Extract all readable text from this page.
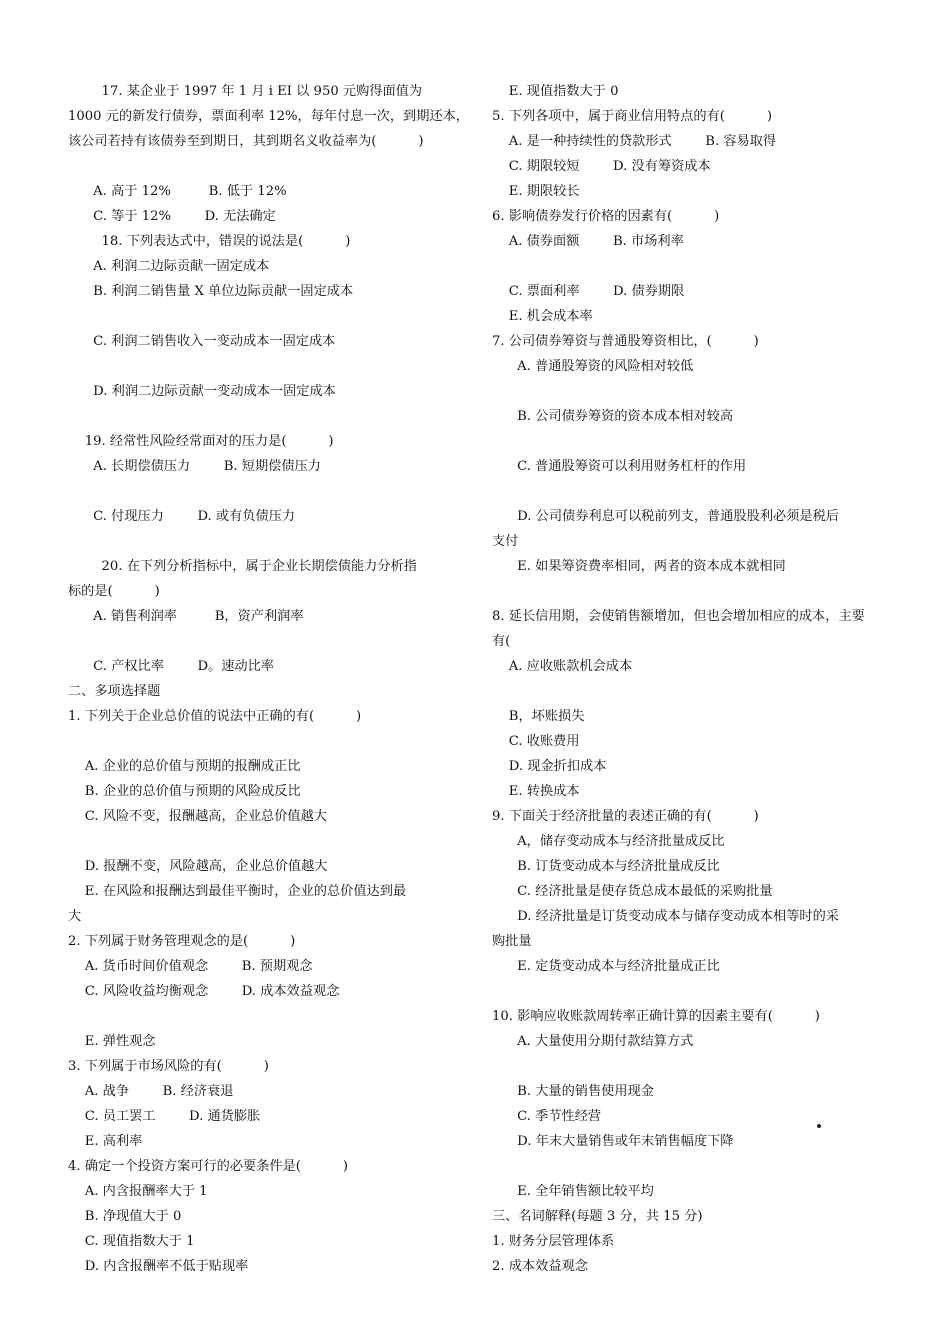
17. 某企业于 1997 年 1 月 i EI 以 950 元购得面值为
1000 元的新发行债券，票面利率 12%，每年付息一次，到期还本，
该公司若持有该债券至到期日，其到期名义收益率为(          )
A. 高于 12%         B. 低于 12%
C. 等于 12%        D. 无法确定
18. 下列表达式中，错误的说法是(          )
A. 利润二边际贡献一固定成本
B. 利润二销售量 X 单位边际贡献一固定成本
C. 利润二销售收入一变动成本一固定成本
D. 利润二边际贡献一变动成本一固定成本
19. 经常性风险经常面对的压力是(          )
A. 长期偿债压力        B. 短期偿债压力
C. 付现压力        D. 或有负债压力
20. 在下列分析指标中，属于企业长期偿债能力分析指
标的是(          )
A. 销售利润率         B，资产利润率
C. 产权比率        D。速动比率
二、多项选择题
1. 下列关于企业总价值的说法中正确的有(          )
A. 企业的总价值与预期的报酬成正比
B. 企业的总价值与预期的风险成反比
C. 风险不变，报酬越高，企业总价值越大
D. 报酬不变，风险越高，企业总价值越大
E. 在风险和报酬达到最佳平衡时，企业的总价值达到最
大
2. 下列属于财务管理观念的是(          )
A. 货币时间价值观念        B. 预期观念
C. 风险收益均衡观念        D. 成本效益观念
E. 弹性观念
3. 下列属于市场风险的有(          )
A. 战争        B. 经济衰退
C. 员工罢工        D. 通货膨胀
E. 高利率
4. 确定一个投资方案可行的必要条件是(          )
A. 内含报酬率大于 1
B. 净现值大于 0
C. 现值指数大于 1
D. 内含报酬率不低于贴现率
E. 现值指数大于 0
5. 下列各项中，属于商业信用特点的有(          )
A. 是一种持续性的贷款形式        B. 容易取得
C. 期限较短        D. 没有筹资成本
E. 期限较长
6. 影响债券发行价格的因素有(          )
A. 债券面额        B. 市场利率
C. 票面利率        D. 债券期限
E. 机会成本率
7. 公司债券筹资与普通股筹资相比，(          )
A. 普通股筹资的风险相对较低
B. 公司债券筹资的资本成本相对较高
C. 普通股筹资可以利用财务杠杆的作用
D. 公司债券利息可以税前列支，普通股股利必须是税后
支付
E. 如果筹资费率相同，两者的资本成本就相同
8. 延长信用期，会使销售额增加，但也会增加相应的成本，主要
有(
A. 应收账款机会成本
B，坏账损失
C. 收账费用
D. 现金折扣成本
E. 转换成本
9. 下面关于经济批量的表述正确的有(          )
A，储存变动成本与经济批量成反比
B. 订货变动成本与经济批量成反比
C. 经济批量是使存货总成本最低的采购批量
D. 经济批量是订货变动成本与储存变动成本相等时的采
购批量
E. 定货变动成本与经济批量成正比
10. 影响应收账款周转率正确计算的因素主要有(          )
A. 大量使用分期付款结算方式
B. 大量的销售使用现金
C. 季节性经营
D. 年末大量销售或年末销售幅度下降
E. 全年销售额比较平均
三、名词解释(每题 3 分，共 15 分)
1. 财务分层管理体系
2. 成本效益观念
